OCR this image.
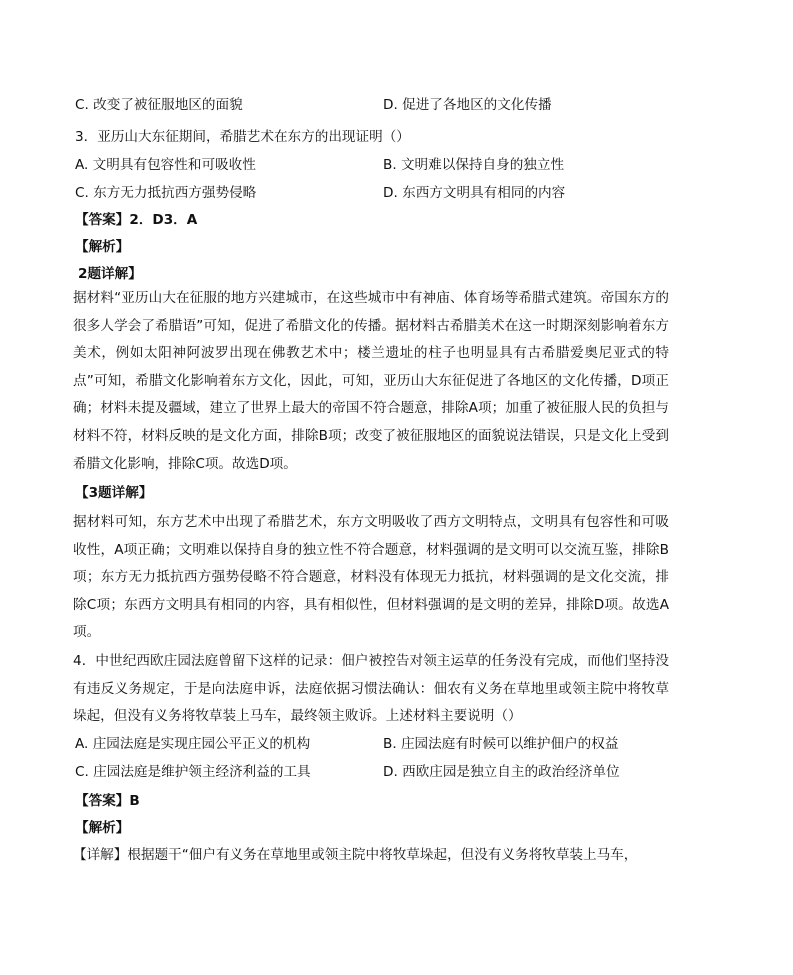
C. 改变了被征服地区的面貌	D. 促进了各地区的文化传播
3．亚历山大东征期间，希腊艺术在东方的出现证明（）
A. 文明具有包容性和可吸收性	B. 文明难以保持自身的独立性
C. 东方无力抵抗西方强势侵略	D. 东西方文明具有相同的内容
【答案】2．D3．A
【解析】
2题详解】
据材料“亚历山大在征服的地方兴建城市，在这些城市中有神庙、体育场等希腊式建筑。帝国东方的很多人学会了希腊语”可知，促进了希腊文化的传播。据材料古希腊美术在这一时期深刻影响着东方美术，例如太阳神阿波罗出现在佛教艺术中；楼兰遗址的柱子也明显具有古希腊爱奥尼亚式的特点”可知，希腊文化影响着东方文化，因此，可知，亚历山大东征促进了各地区的文化传播，D项正确；材料未提及疆域，建立了世界上最大的帝国不符合题意，排除A项；加重了被征服人民的负担与材料不符，材料反映的是文化方面，排除B项；改变了被征服地区的面貌说法错误，只是文化上受到希腊文化影响，排除C项。故选D项。
【3题详解】
据材料可知，东方艺术中出现了希腊艺术，东方文明吸收了西方文明特点，文明具有包容性和可吸收性，A项正确；文明难以保持自身的独立性不符合题意，材料强调的是文明可以交流互鉴，排除B项；东方无力抵抗西方强势侵略不符合题意，材料没有体现无力抵抗，材料强调的是文化交流，排除C项；东西方文明具有相同的内容，具有相似性，但材料强调的是文明的差异，排除D项。故选A项。
4．中世纪西欧庄园法庭曾留下这样的记录：佃户被控告对领主运草的任务没有完成，而他们坚持没有违反义务规定，于是向法庭申诉，法庭依据习惯法确认：佃农有义务在草地里或领主院中将牧草垛起，但没有义务将牧草装上马车，最终领主败诉。上述材料主要说明（）
A. 庄园法庭是实现庄园公平正义的机构	B. 庄园法庭有时候可以维护佃户的权益
C. 庄园法庭是维护领主经济利益的工具	D. 西欧庄园是独立自主的政治经济单位
【答案】B
【解析】
【详解】根据题干“佃户有义务在草地里或领主院中将牧草垛起，但没有义务将牧草装上马车，
